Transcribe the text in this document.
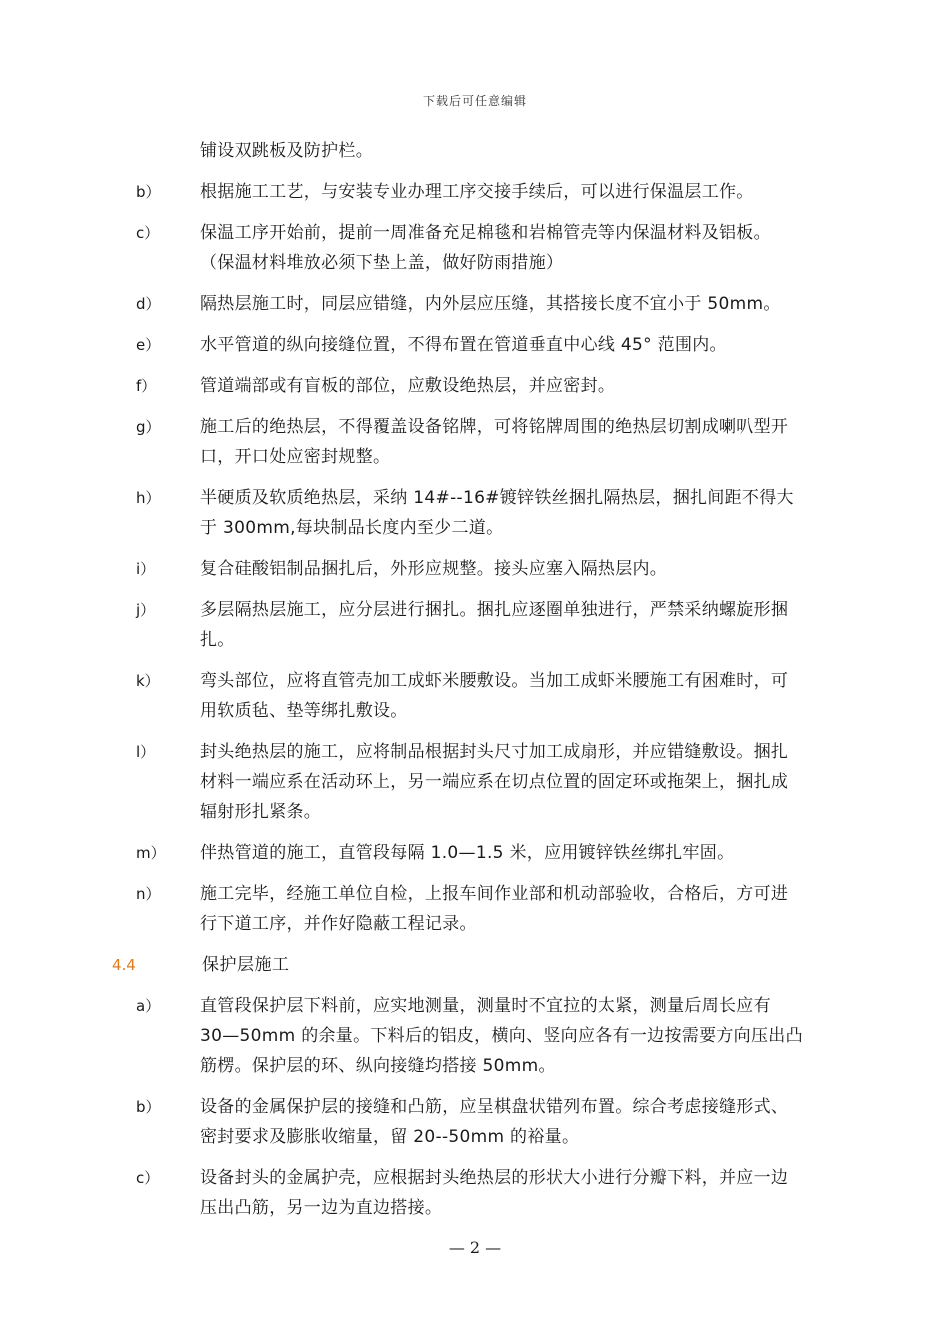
下载后可任意编辑
铺设双跳板及防护栏。
b）	根据施工工艺，与安装专业办理工序交接手续后，可以进行保温层工作。
c）	保温工序开始前，提前一周准备充足棉毯和岩棉管壳等内保温材料及铝板。
（保温材料堆放必须下垫上盖，做好防雨措施）
d）	隔热层施工时，同层应错缝，内外层应压缝，其搭接长度不宜小于 50mm。
e）	水平管道的纵向接缝位置，不得布置在管道垂直中心线 45° 范围内。
f）	管道端部或有盲板的部位，应敷设绝热层，并应密封。
g）	施工后的绝热层，不得覆盖设备铭牌，可将铭牌周围的绝热层切割成喇叭型开
口，开口处应密封规整。
h）	半硬质及软质绝热层，采纳 14#--16#镀锌铁丝捆扎隔热层，捆扎间距不得大
于 300mm,每块制品长度内至少二道。
i）	复合硅酸铝制品捆扎后，外形应规整。接头应塞入隔热层内。
j）	多层隔热层施工，应分层进行捆扎。捆扎应逐圈单独进行，严禁采纳螺旋形捆
扎。
k）	弯头部位，应将直管壳加工成虾米腰敷设。当加工成虾米腰施工有困难时，可
用软质毡、垫等绑扎敷设。
l）	封头绝热层的施工，应将制品根据封头尺寸加工成扇形，并应错缝敷设。捆扎
材料一端应系在活动环上，另一端应系在切点位置的固定环或拖架上，捆扎成
辐射形扎紧条。
m）	伴热管道的施工，直管段每隔 1.0—1.5 米，应用镀锌铁丝绑扎牢固。
n）	施工完毕，经施工单位自检，上报车间作业部和机动部验收，合格后，方可进
行下道工序，并作好隐蔽工程记录。
4.4	保护层施工
a）	直管段保护层下料前，应实地测量，测量时不宜拉的太紧，测量后周长应有
30—50mm 的余量。下料后的铝皮，横向、竖向应各有一边按需要方向压出凸
筋楞。保护层的环、纵向接缝均搭接 50mm。
b）	设备的金属保护层的接缝和凸筋，应呈棋盘状错列布置。综合考虑接缝形式、
密封要求及膨胀收缩量，留 20--50mm 的裕量。
c）	设备封头的金属护壳，应根据封头绝热层的形状大小进行分瓣下料，并应一边
压出凸筋，另一边为直边搭接。
— 2 —
